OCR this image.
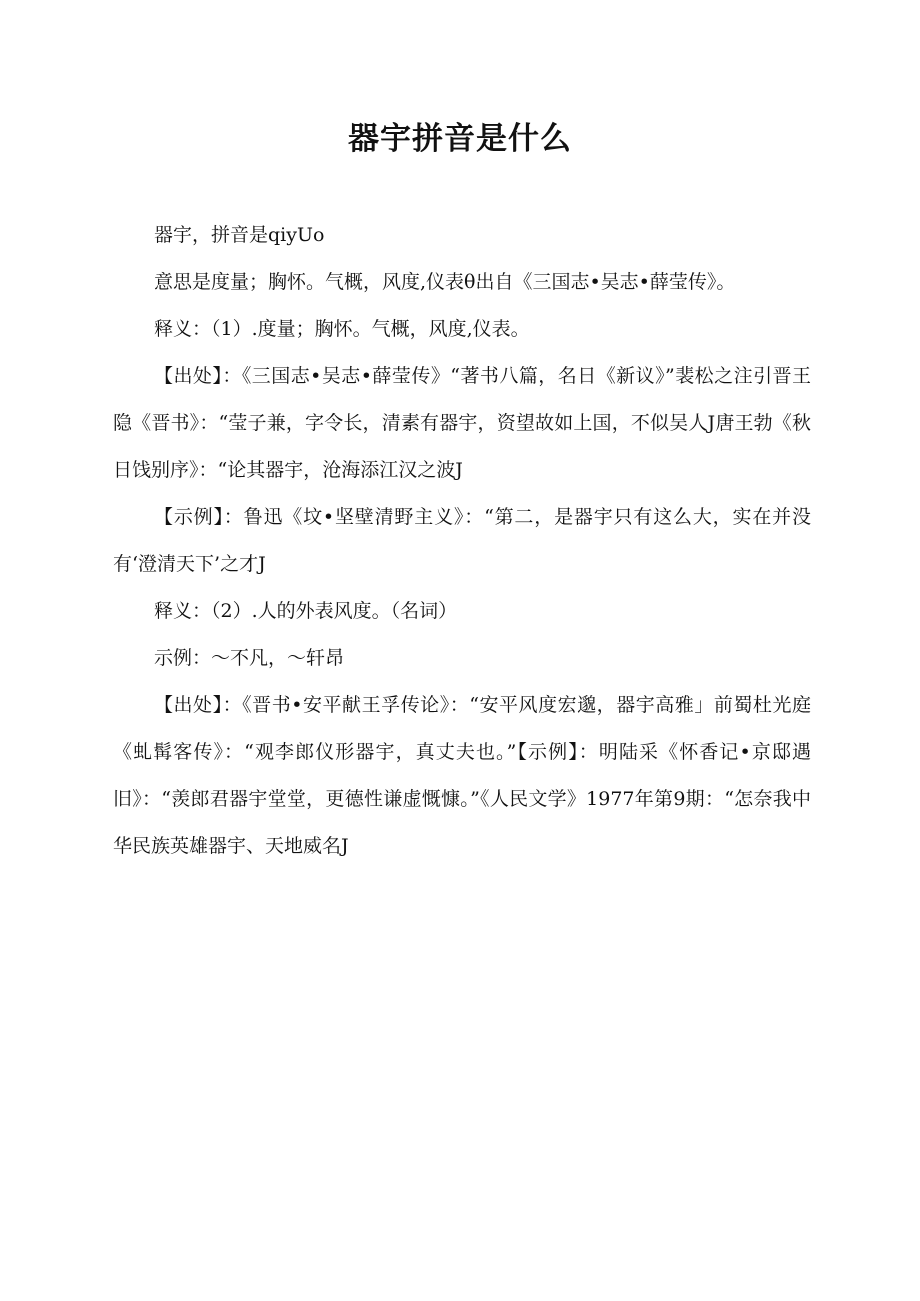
器宇拼音是什么

器宇，拼音是qiyUo

意思是度量；胸怀。气概，风度,仪表θ出自《三国志•吴志•薛莹传》。

释义：（1）.度量；胸怀。气概，风度,仪表。

【出处】：《三国志•吴志•薛莹传》“著书八篇，名日《新议》”裴松之注引晋王隐《晋书》：“莹子兼，字令长，清素有器宇，资望故如上国，不似吴人J唐王勃《秋日饯别序》：“论其器宇，沧海添江汉之波J

【示例】：鲁迅《坟•坚壁清野主义》：“第二，是器宇只有这么大，实在并没有‘澄清天下’之才J

释义：（2）.人的外表风度。（名词）

示例：～不凡，～轩昂

【出处】：《晋书•安平献王孚传论》：“安平风度宏邈，器宇高雅」前蜀杜光庭《虬髯客传》：“观李郎仪形器宇，真丈夫也。”【示例】：明陆采《怀香记•京邸遇旧》：“羡郎君器宇堂堂，更德性谦虚慨慷。”《人民文学》1977年第9期：“怎奈我中华民族英雄器宇、天地威名J
